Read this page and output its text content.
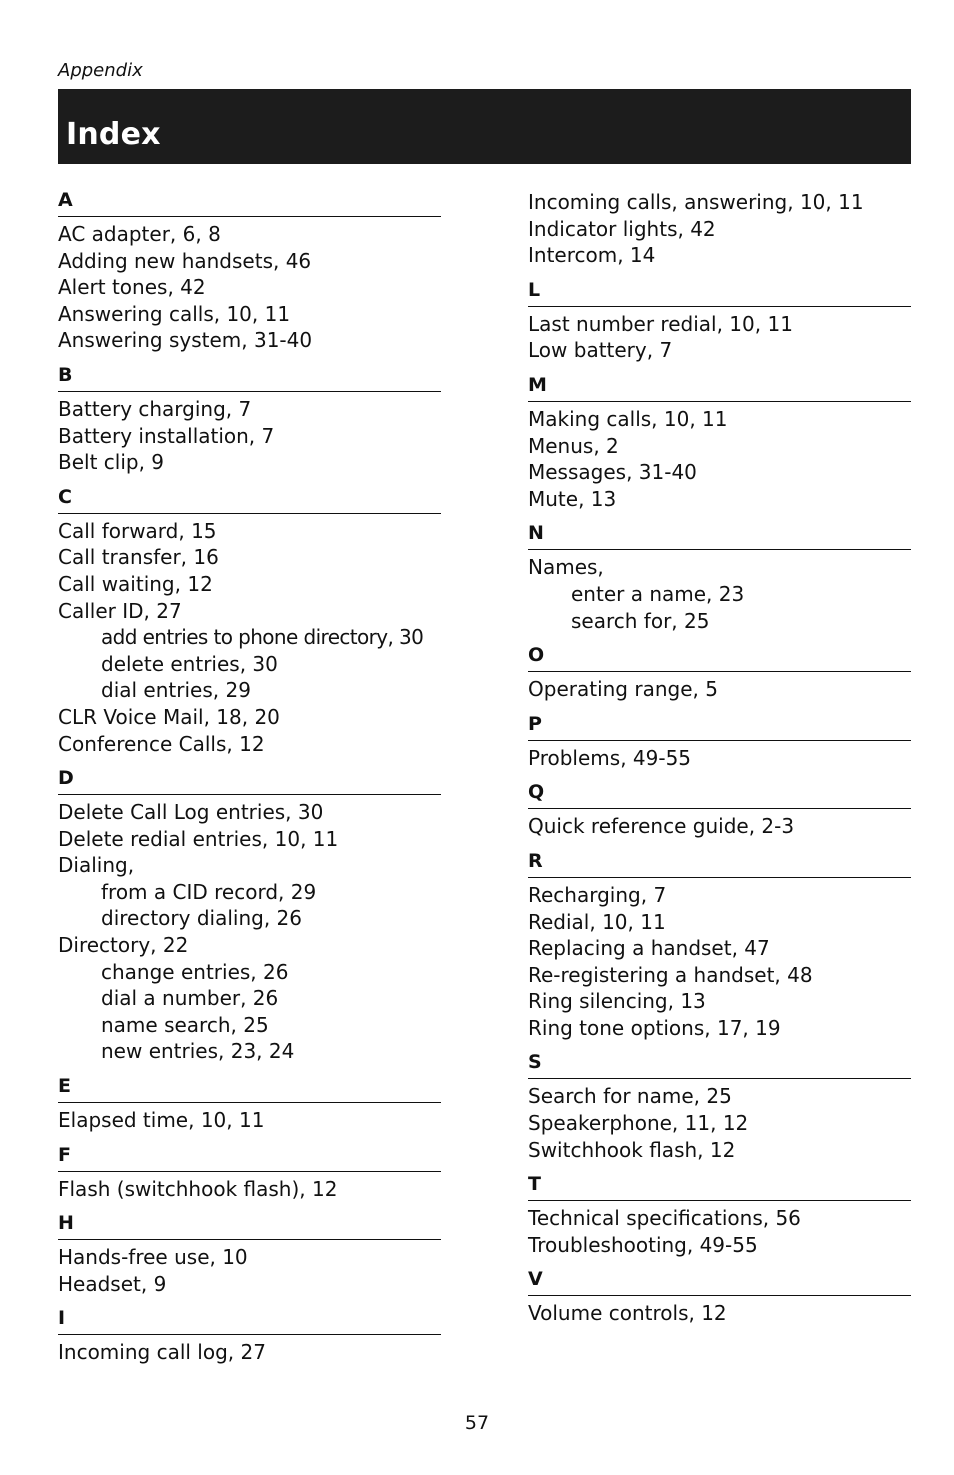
Appendix
Index
A
AC adapter, 6, 8
Adding new handsets, 46
Alert tones, 42
Answering calls, 10, 11
Answering system, 31-40
B
Battery charging, 7
Battery installation, 7
Belt clip, 9
C
Call forward, 15
Call transfer, 16
Call waiting, 12
Caller ID, 27
add entries to phone directory, 30
delete entries, 30
dial entries, 29
CLR Voice Mail, 18, 20
Conference Calls, 12
D
Delete Call Log entries, 30
Delete redial entries, 10, 11
Dialing,
from a CID record, 29
directory dialing, 26
Directory, 22
change entries, 26
dial a number, 26
name search, 25
new entries, 23, 24
E
Elapsed time, 10, 11
F
Flash (switchhook flash), 12
H
Hands-free use, 10
Headset, 9
I
Incoming call log, 27
Incoming calls, answering, 10, 11
Indicator lights, 42
Intercom, 14
L
Last number redial, 10, 11
Low battery, 7
M
Making calls, 10, 11
Menus, 2
Messages, 31-40
Mute, 13
N
Names,
enter a name, 23
search for, 25
O
Operating range, 5
P
Problems, 49-55
Q
Quick reference guide, 2-3
R
Recharging, 7
Redial, 10, 11
Replacing a handset, 47
Re-registering a handset, 48
Ring silencing, 13
Ring tone options, 17, 19
S
Search for name, 25
Speakerphone, 11, 12
Switchhook flash, 12
T
Technical specifications, 56
Troubleshooting, 49-55
V
Volume controls, 12
57
